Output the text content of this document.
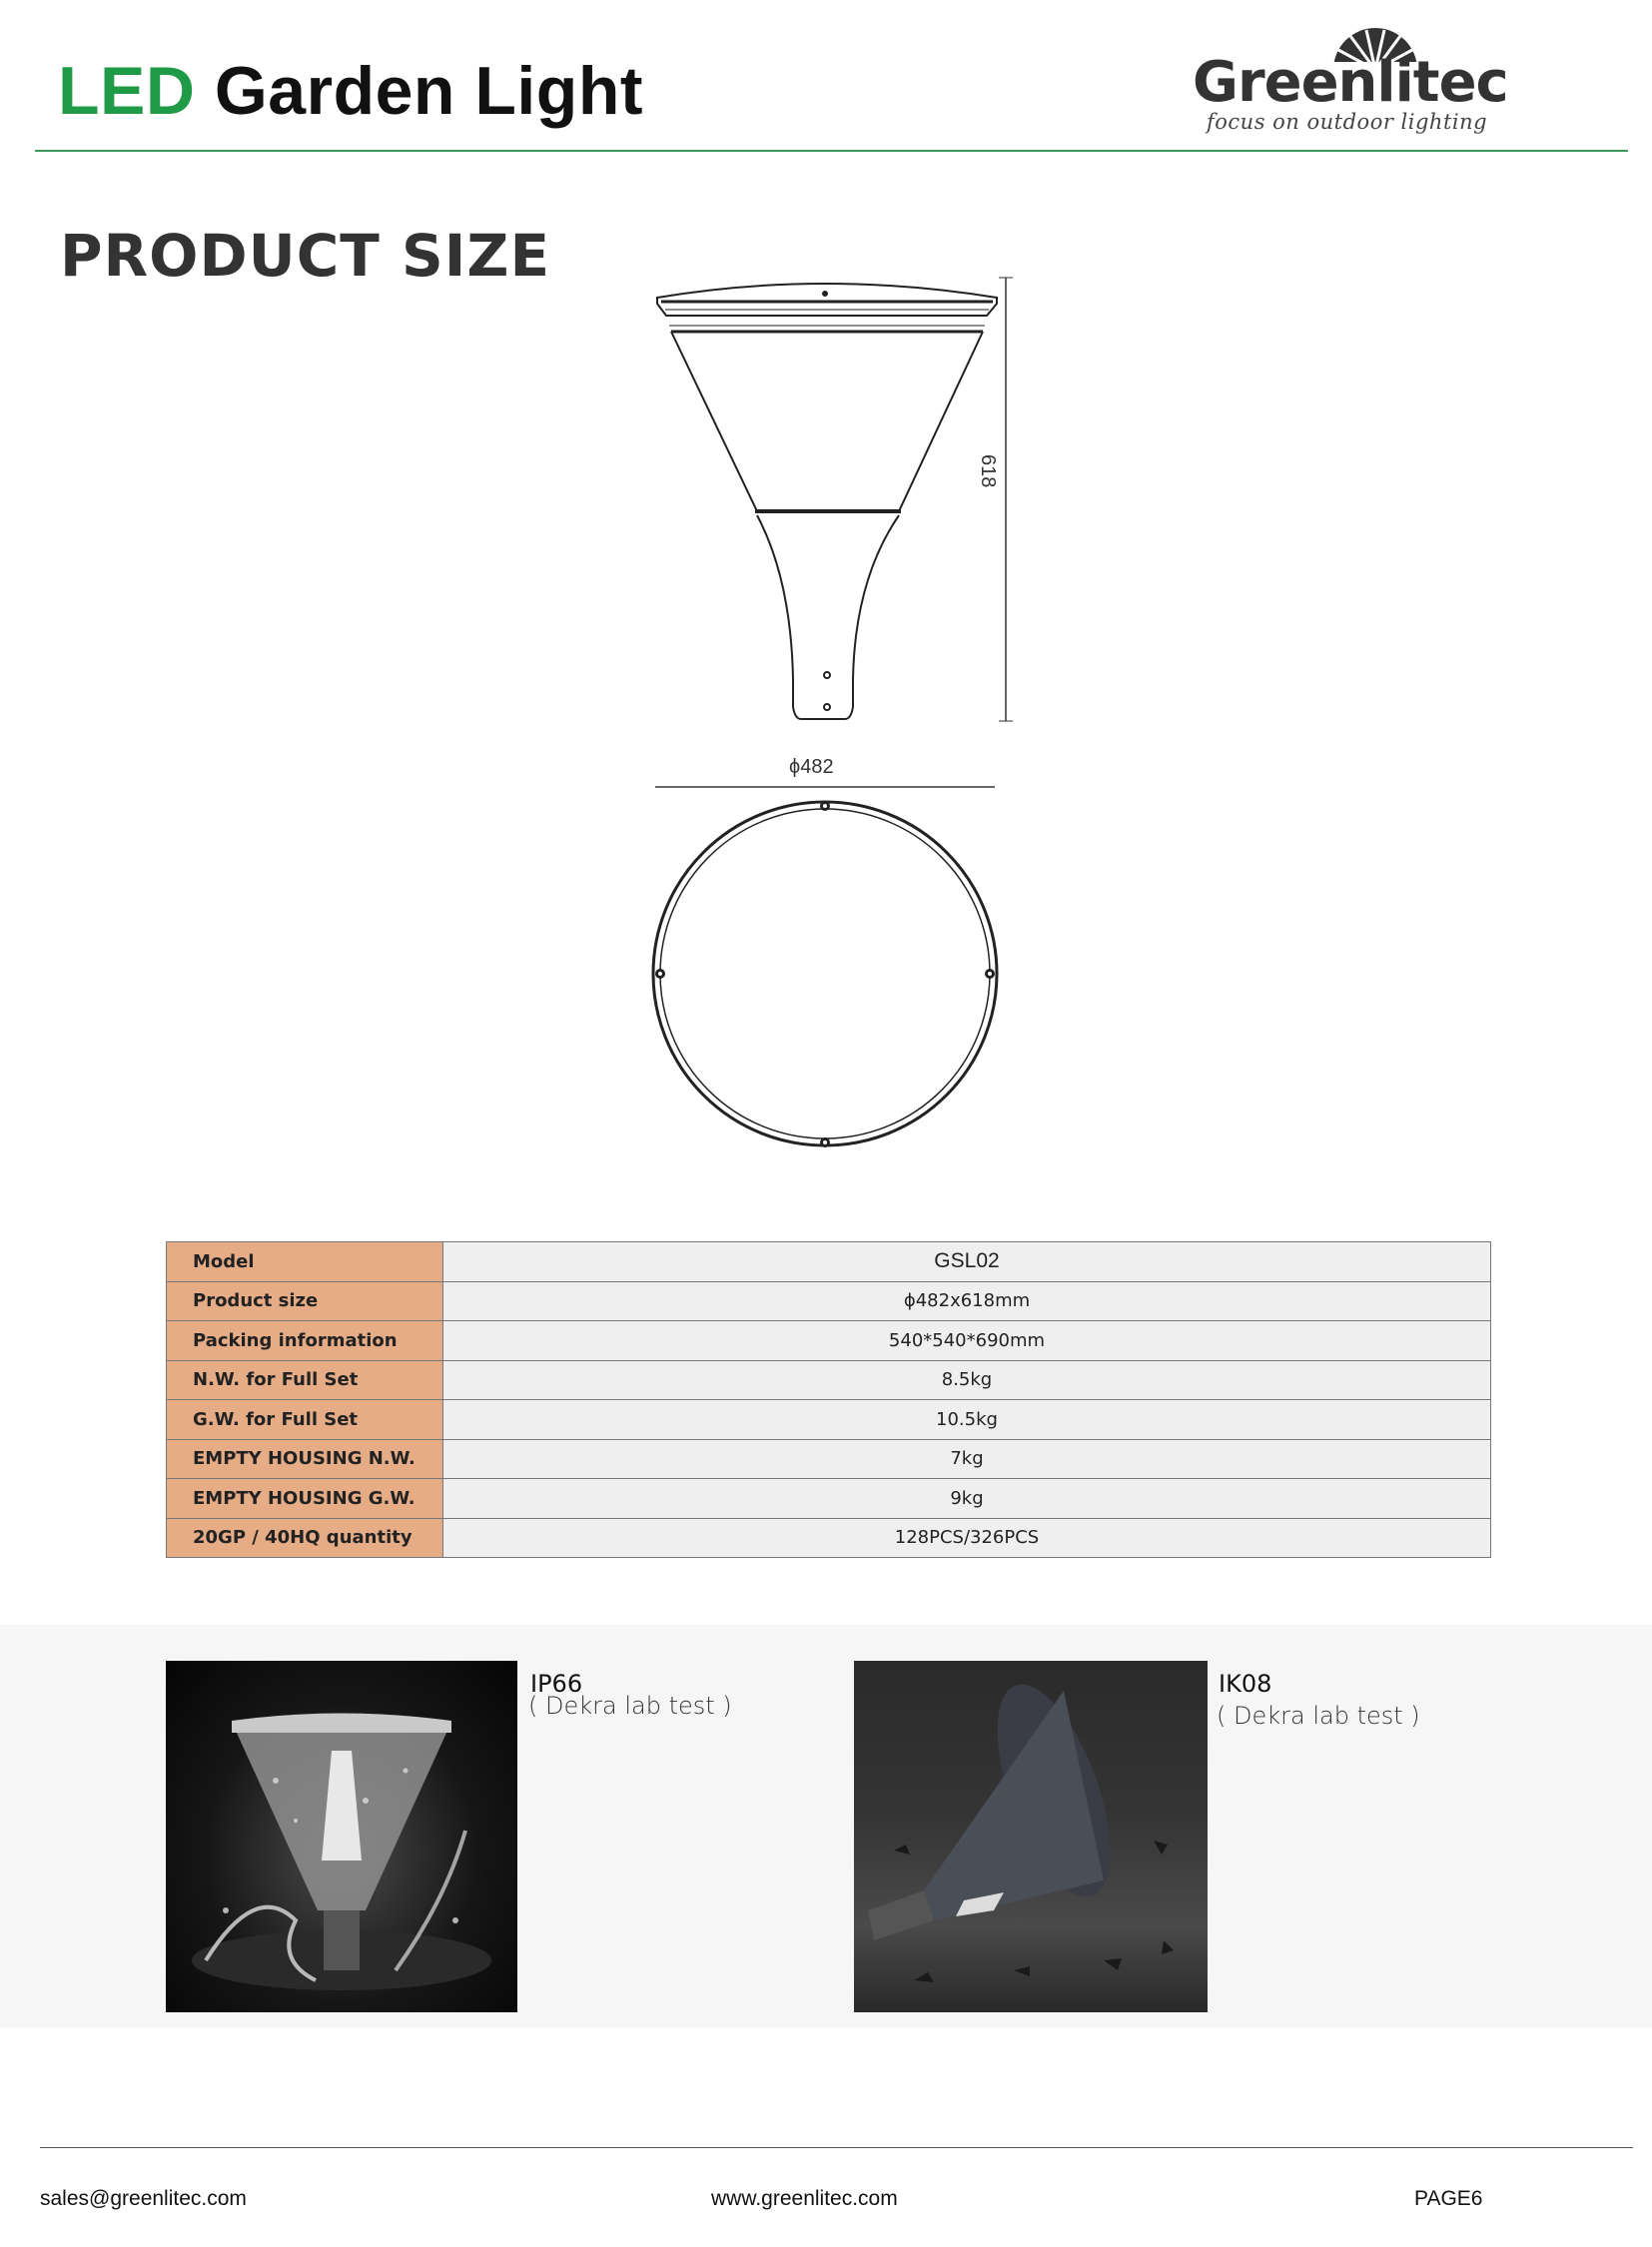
LED Garden Light	Greenlitec
focus on outdoor lighting
PRODUCT SIZE
618
ϕ482
Model	GSL02
Product size	ϕ482x618mm
Packing information	540*540*690mm
N.W. for Full Set	8.5kg
G.W. for Full Set	10.5kg
EMPTY HOUSING N.W.	7kg
EMPTY HOUSING G.W.	9kg
20GP / 40HQ quantity	128PCS/326PCS
IP66
( Dekra lab test )
IK08
( Dekra lab test )
sales@greenlitec.com	www.greenlitec.com	PAGE6
